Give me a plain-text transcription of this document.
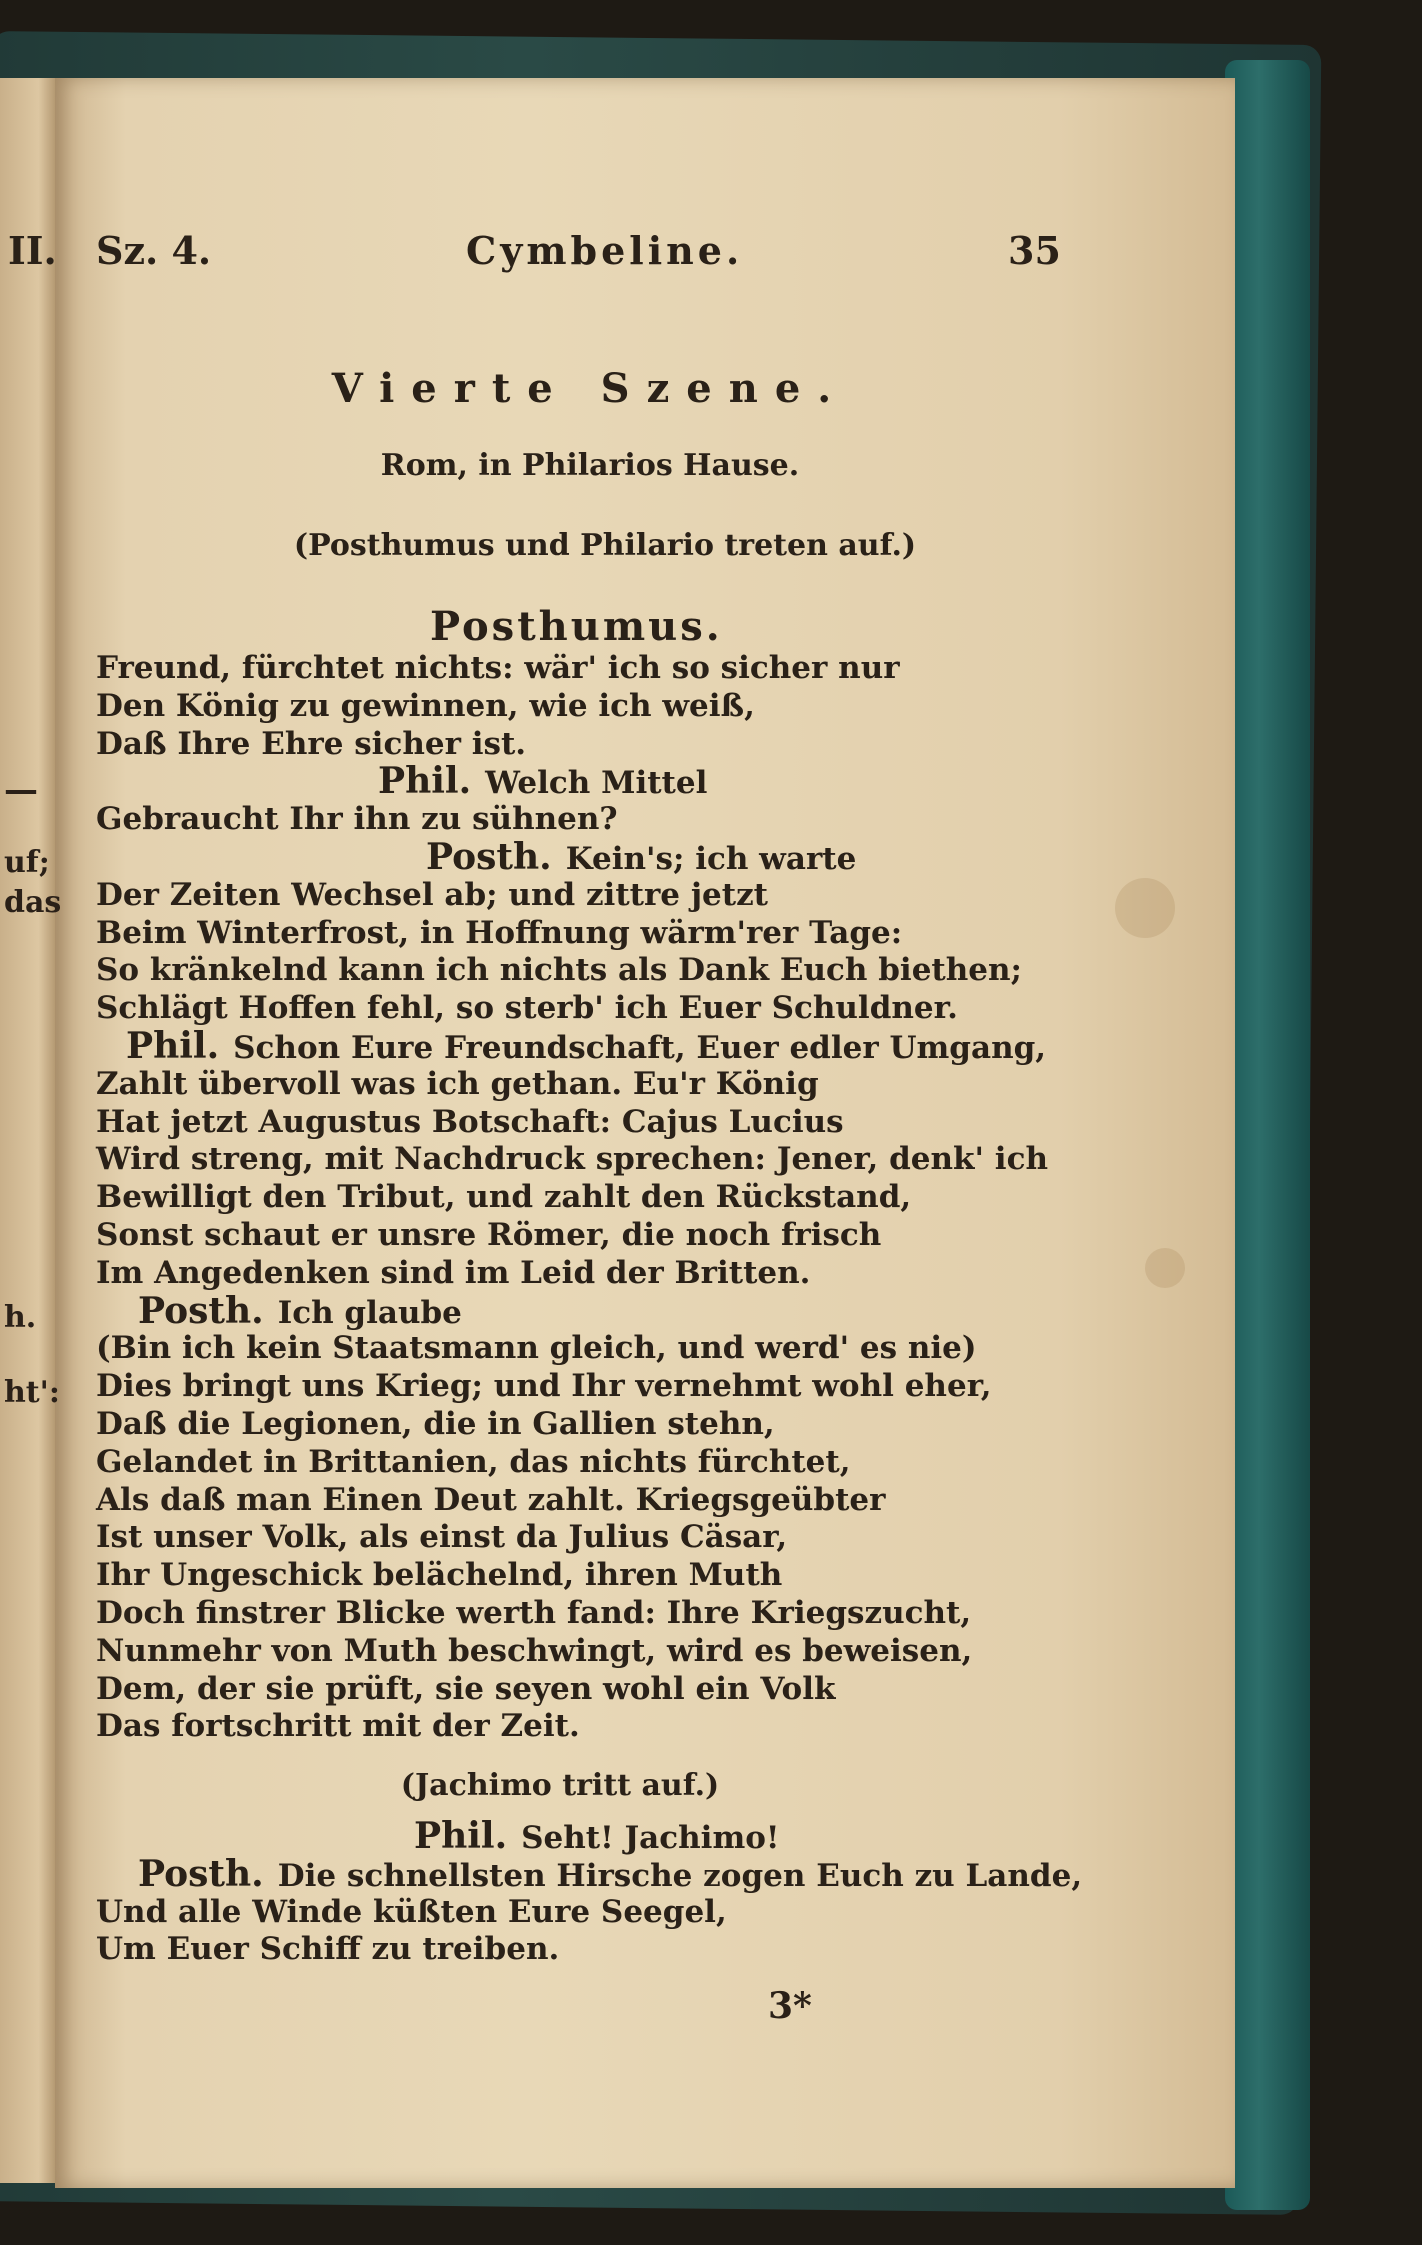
—
uf;
das
h.
ht':
II. Sz. 4.	Cymbeline.	35
Vierte Szene.
Rom, in Philarios Hause.
(Posthumus und Philario treten auf.)
Posthumus.
Freund, fürchtet nichts: wär' ich so sicher nur
Den König zu gewinnen, wie ich weiß,
Daß Ihre Ehre sicher ist.
Phil. Welch Mittel
Gebraucht Ihr ihn zu sühnen?
Posth. Kein's; ich warte
Der Zeiten Wechsel ab; und zittre jetzt
Beim Winterfrost, in Hoffnung wärm'rer Tage:
So kränkelnd kann ich nichts als Dank Euch biethen;
Schlägt Hoffen fehl, so sterb' ich Euer Schuldner.
Phil. Schon Eure Freundschaft, Euer edler Umgang,
Zahlt übervoll was ich gethan. Eu'r König
Hat jetzt Augustus Botschaft: Cajus Lucius
Wird streng, mit Nachdruck sprechen: Jener, denk' ich
Bewilligt den Tribut, und zahlt den Rückstand,
Sonst schaut er unsre Römer, die noch frisch
Im Angedenken sind im Leid der Britten.
Posth. Ich glaube
(Bin ich kein Staatsmann gleich, und werd' es nie)
Dies bringt uns Krieg; und Ihr vernehmt wohl eher,
Daß die Legionen, die in Gallien stehn,
Gelandet in Brittanien, das nichts fürchtet,
Als daß man Einen Deut zahlt. Kriegsgeübter
Ist unser Volk, als einst da Julius Cäsar,
Ihr Ungeschick belächelnd, ihren Muth
Doch finstrer Blicke werth fand: Ihre Kriegszucht,
Nunmehr von Muth beschwingt, wird es beweisen,
Dem, der sie prüft, sie seyen wohl ein Volk
Das fortschritt mit der Zeit.
(Jachimo tritt auf.)
Phil. Seht! Jachimo!
Posth. Die schnellsten Hirsche zogen Euch zu Lande,
Und alle Winde küßten Eure Seegel,
Um Euer Schiff zu treiben.
3*
